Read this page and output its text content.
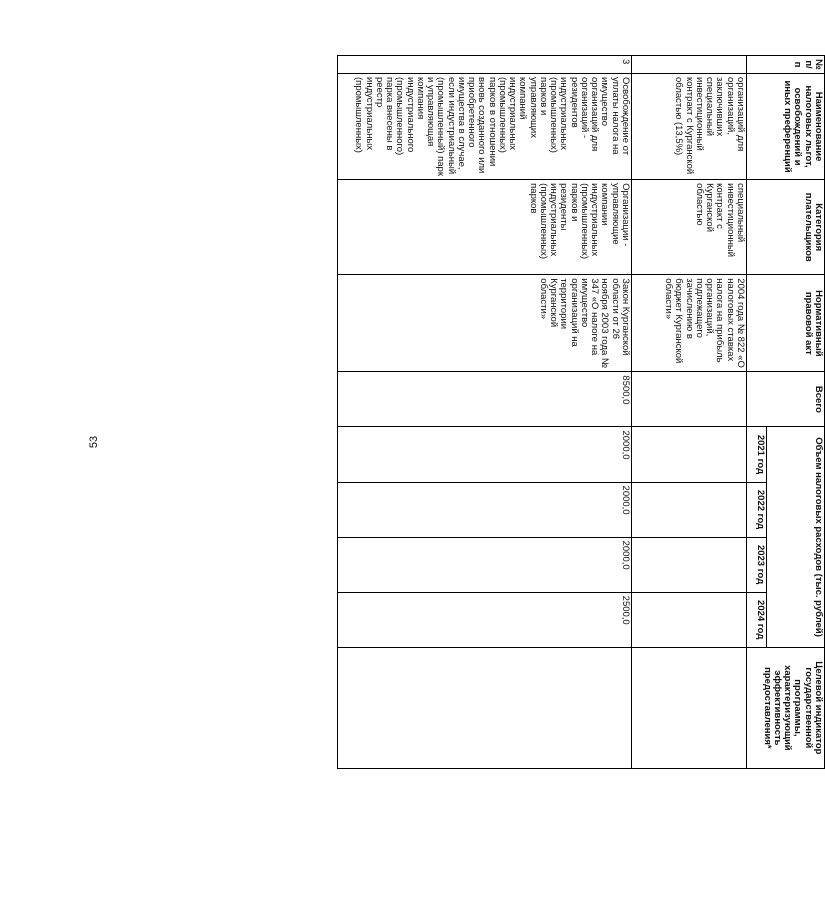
53
№ п/п	Наименование налоговых льгот, освобождений и иных преференций	Категория плательщиков	Нормативный правовой акт	Всего	Объем налоговых расходов (тыс. рублей)				Целевой индикатор государственной программы, характеризующий эффективность предоставления*
					2021 год	2022 год	2023 год	2024 год	
	организаций для организаций, заключивших специальный инвестиционный контракт с Курганской областью (13,5%)	специальный инвестиционный контракт с Курганской областью	2004 года № 822 «О налоговых ставках налога на прибыль организаций, подлежащего зачислению в бюджет Курганской области»						
3	Освобождение от уплаты налога на имущество организаций для организаций - резидентов индустриальных (промышленных) парков и управляющих компаний индустриальных (промышленных) парков в отношении вновь созданного или приобретенного имущества в случае, если индустриальный (промышленный) парк и управляющая компания индустриального (промышленного) парка внесены в реестр индустриальных (промышленных)	Организации - управляющие компании индустриальных (промышленных) парков и резиденты индустриальных (промышленных) парков	Закон Курганской области от 26 ноября 2003 года № 347 «О налоге на имущество организаций на территории Курганской области»	8500,0	2000,0	2000,0	2000,0	2500,0	
